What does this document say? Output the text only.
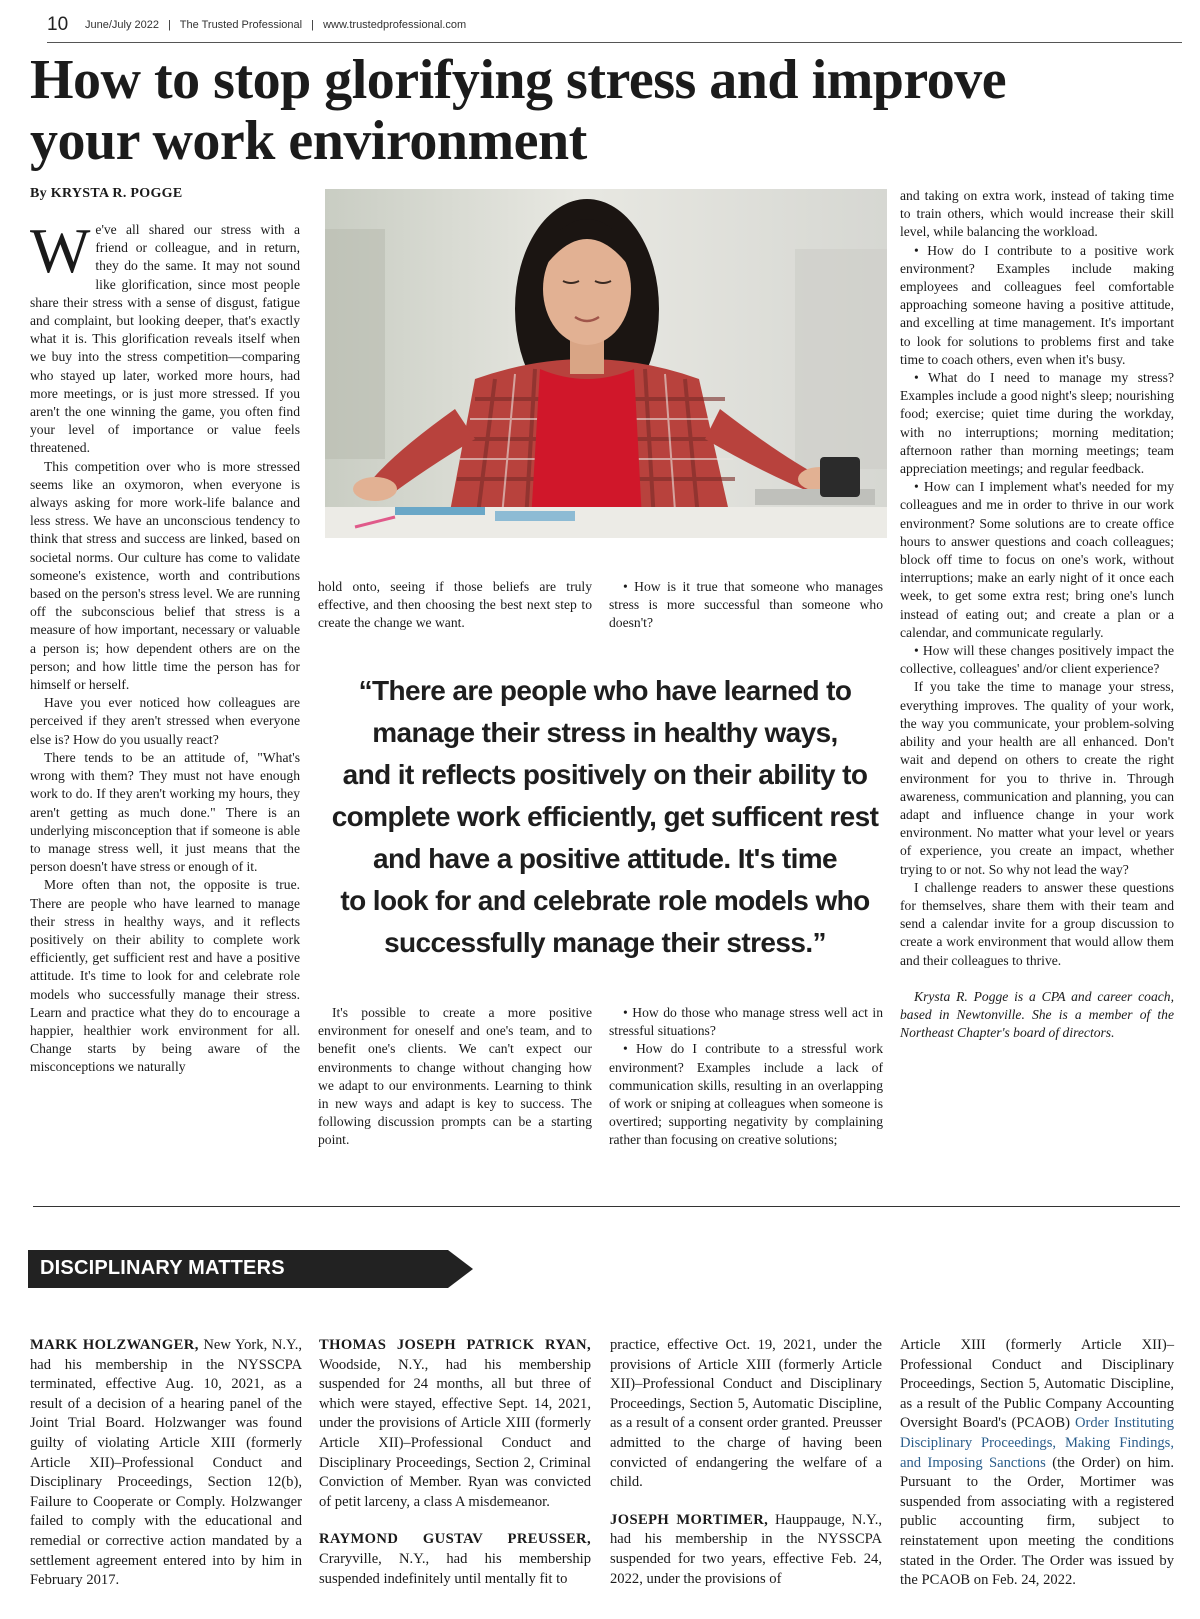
10 June/July 2022 | The Trusted Professional | www.trustedprofessional.com
How to stop glorifying stress and improve
your work environment
By KRYSTA R. POGGE

We've all shared our stress with a friend or colleague, and in return, they do the same. It may not sound like glorification, since most people share their stress with a sense of disgust, fatigue and complaint, but looking deeper, that's exactly what it is. This glorification reveals itself when we buy into the stress competition—comparing who stayed up later, worked more hours, had more meetings, or is just more stressed. If you aren't the one winning the game, you often find your level of importance or value feels threatened.

This competition over who is more stressed seems like an oxymoron, when everyone is always asking for more work-life balance and less stress. We have an unconscious tendency to think that stress and success are linked, based on societal norms. Our culture has come to validate someone's existence, worth and contributions based on the person's stress level. We are running off the subconscious belief that stress is a measure of how important, necessary or valuable a person is; how dependent others are on the person; and how little time the person has for himself or herself.

Have you ever noticed how colleagues are perceived if they aren't stressed when everyone else is? How do you usually react?

There tends to be an attitude of, "What's wrong with them? They must not have enough work to do. If they aren't working my hours, they aren't getting as much done." There is an underlying misconception that if someone is able to manage stress well, it just means that the person doesn't have stress or enough of it.

More often than not, the opposite is true. There are people who have learned to manage their stress in healthy ways, and it reflects positively on their ability to complete work efficiently, get sufficient rest and have a positive attitude. It's time to look for and celebrate role models who successfully manage their stress. Learn and practice what they do to encourage a happier, healthier work environment for all. Change starts by being aware of the misconceptions we naturally

hold onto, seeing if those beliefs are truly effective, and then choosing the best next step to create the change we want.

• How is it true that someone who manages stress is more successful than someone who doesn't?

“There are people who have learned to
manage their stress in healthy ways,
and it reflects positively on their ability to
complete work efficiently, get sufficent rest
and have a positive attitude. It's time
to look for and celebrate role models who
successfully manage their stress.”

It's possible to create a more positive environment for oneself and one's team, and to benefit one's clients. We can't expect our environments to change without changing how we adapt to our environments. Learning to think in new ways and adapt is key to success. The following discussion prompts can be a starting point.

• How do those who manage stress well act in stressful situations?

• How do I contribute to a stressful work environment? Examples include a lack of communication skills, resulting in an overlapping of work or sniping at colleagues when someone is overtired; supporting negativity by complaining rather than focusing on creative solutions;

and taking on extra work, instead of taking time to train others, which would increase their skill level, while balancing the workload.

• How do I contribute to a positive work environment? Examples include making employees and colleagues feel comfortable approaching someone having a positive attitude, and excelling at time management. It's important to look for solutions to problems first and take time to coach others, even when it's busy.

• What do I need to manage my stress? Examples include a good night's sleep; nourishing food; exercise; quiet time during the workday, with no interruptions; morning meditation; afternoon rather than morning meetings; team appreciation meetings; and regular feedback.

• How can I implement what's needed for my colleagues and me in order to thrive in our work environment? Some solutions are to create office hours to answer questions and coach colleagues; block off time to focus on one's work, without interruptions; make an early night of it once each week, to get some extra rest; bring one's lunch instead of eating out; and create a plan or a calendar, and communicate regularly.

• How will these changes positively impact the collective, colleagues' and/or client experience?

If you take the time to manage your stress, everything improves. The quality of your work, the way you communicate, your problem-solving ability and your health are all enhanced. Don't wait and depend on others to create the right environment for you to thrive in. Through awareness, communication and planning, you can adapt and influence change in your work environment. No matter what your level or years of experience, you create an impact, whether trying to or not. So why not lead the way?

I challenge readers to answer these questions for themselves, share them with their team and send a calendar invite for a group discussion to create a work environment that would allow them and their colleagues to thrive.

Krysta R. Pogge is a CPA and career coach, based in Newtonville. She is a member of the Northeast Chapter's board of directors.

DISCIPLINARY MATTERS

MARK HOLZWANGER, New York, N.Y., had his membership in the NYSSCPA terminated, effective Aug. 10, 2021, as a result of a decision of a hearing panel of the Joint Trial Board. Holzwanger was found guilty of violating Article XIII (formerly Article XII)–Professional Conduct and Disciplinary Proceedings, Section 12(b), Failure to Cooperate or Comply. Holzwanger failed to comply with the educational and remedial or corrective action mandated by a settlement agreement entered into by him in February 2017.

THOMAS JOSEPH PATRICK RYAN, Woodside, N.Y., had his membership suspended for 24 months, all but three of which were stayed, effective Sept. 14, 2021, under the provisions of Article XIII (formerly Article XII)–Professional Conduct and Disciplinary Proceedings, Section 2, Criminal Conviction of Member. Ryan was convicted of petit larceny, a class A misdemeanor.

RAYMOND GUSTAV PREUSSER, Craryville, N.Y., had his membership suspended indefinitely until mentally fit to

practice, effective Oct. 19, 2021, under the provisions of Article XIII (formerly Article XII)–Professional Conduct and Disciplinary Proceedings, Section 5, Automatic Discipline, as a result of a consent order granted. Preusser admitted to the charge of having been convicted of endangering the welfare of a child.

JOSEPH MORTIMER, Hauppauge, N.Y., had his membership in the NYSSCPA suspended for two years, effective Feb. 24, 2022, under the provisions of

Article XIII (formerly Article XII)–Professional Conduct and Disciplinary Proceedings, Section 5, Automatic Discipline, as a result of the Public Company Accounting Oversight Board's (PCAOB) Order Instituting Disciplinary Proceedings, Making Findings, and Imposing Sanctions (the Order) on him. Pursuant to the Order, Mortimer was suspended from associating with a registered public accounting firm, subject to reinstatement upon meeting the conditions stated in the Order. The Order was issued by the PCAOB on Feb. 24, 2022.
